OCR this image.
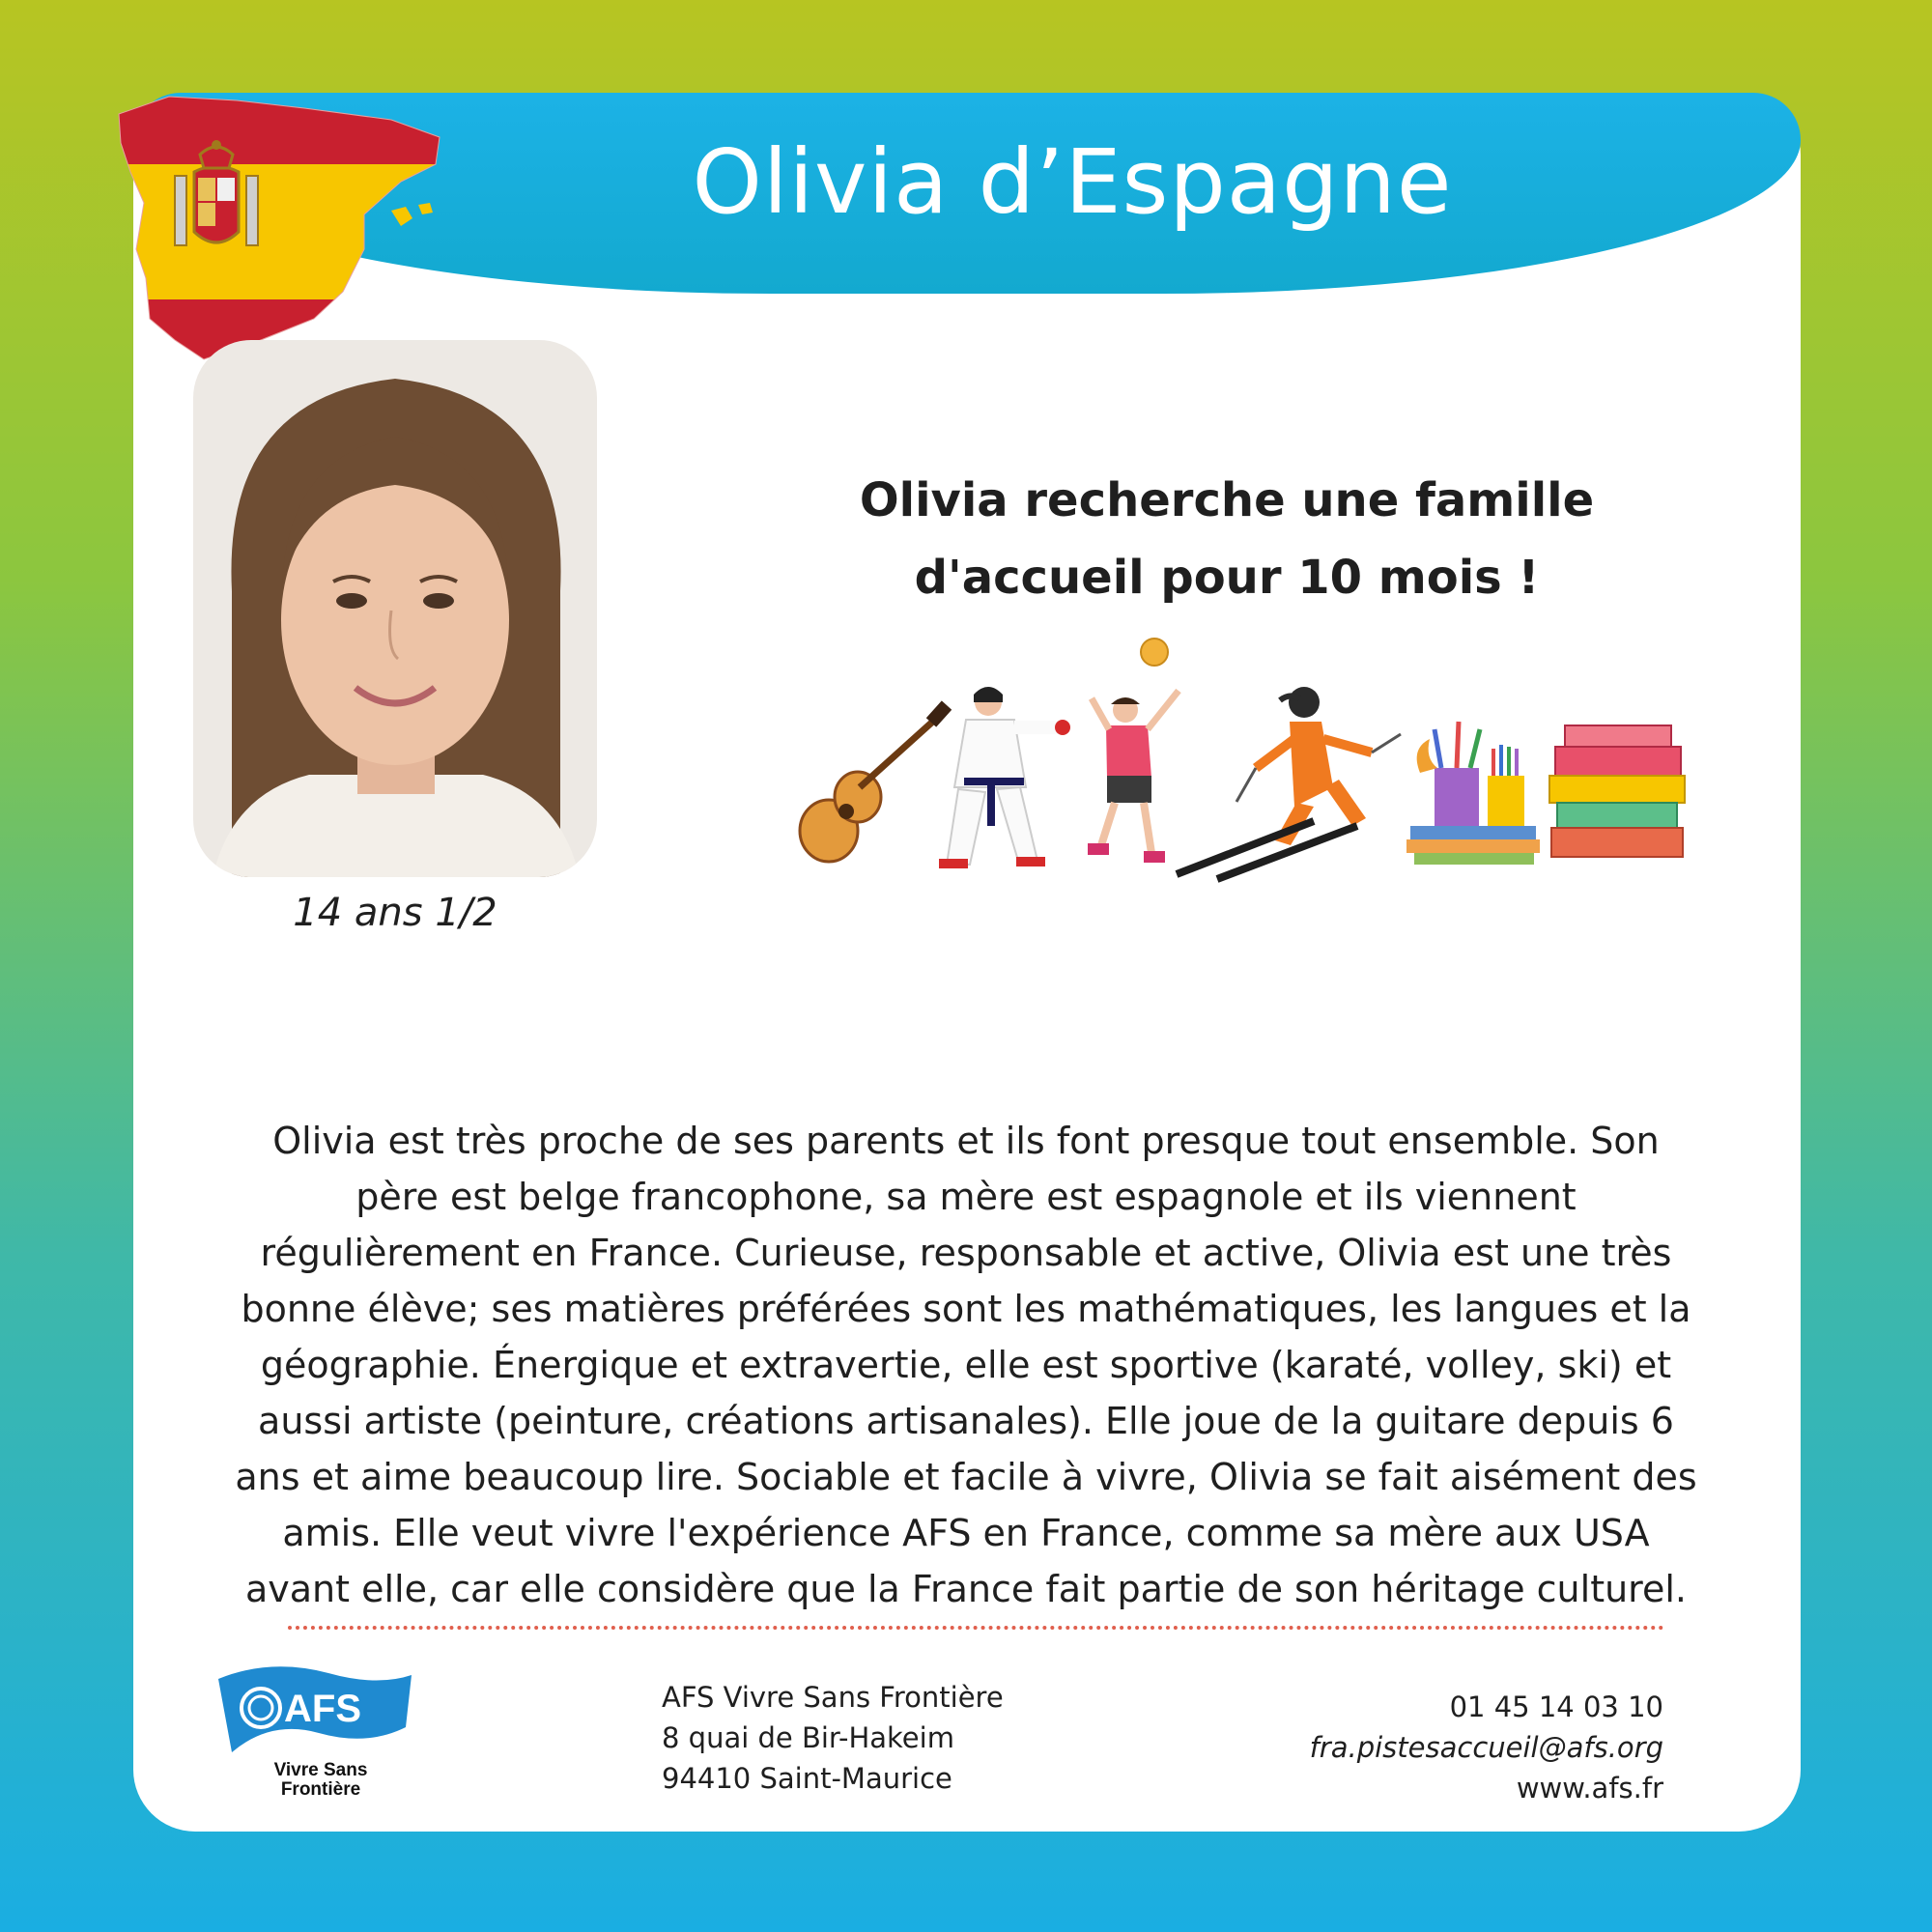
Olivia d’Espagne
14 ans 1/2
Olivia recherche une famille
d'accueil pour 10 mois !
Olivia est très proche de ses parents et ils font presque tout ensemble. Son
père est belge francophone, sa mère est espagnole et ils viennent
régulièrement en France. Curieuse, responsable et active, Olivia est une très
bonne élève; ses matières préférées sont les mathématiques, les langues et la
géographie. Énergique et extravertie, elle est sportive (karaté, volley, ski) et
aussi artiste (peinture, créations artisanales). Elle joue de la guitare depuis 6
ans et aime beaucoup lire. Sociable et facile à vivre, Olivia se fait aisément des
amis. Elle veut vivre l'expérience AFS en France, comme sa mère aux USA
avant elle, car elle considère que la France fait partie de son héritage culturel.
AFS
Vivre Sans
Frontière
AFS Vivre Sans Frontière
8 quai de Bir-Hakeim
94410 Saint-Maurice
01 45 14 03 10
fra.pistesaccueil@afs.org
www.afs.fr
